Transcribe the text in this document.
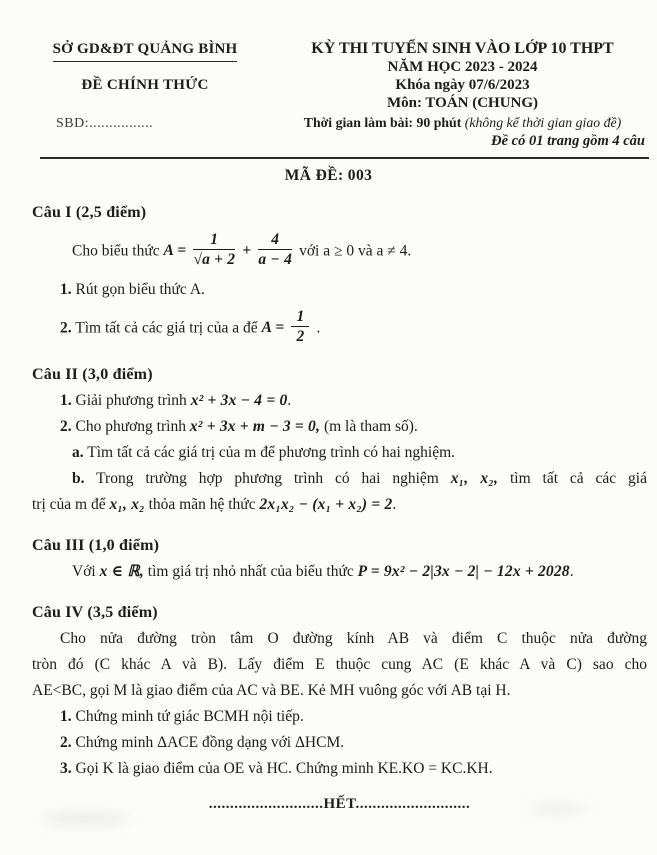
SỞ GD&ĐT QUẢNG BÌNH
ĐỀ CHÍNH THỨC
SBD:................
KỲ THI TUYỂN SINH VÀO LỚP 10 THPT
NĂM HỌC 2023 - 2024
Khóa ngày 07/6/2023
Môn: TOÁN (CHUNG)
Thời gian làm bài: 90 phút (không kể thời gian giao đề)
Đề có 01 trang gồm 4 câu
MÃ ĐỀ: 003
Câu I (2,5 điểm)
Cho biểu thức $A = \frac{1}{√a + 2} + \frac{4}{a - 4}$ với a ≥ 0 và a ≠ 4.
1. Rút gọn biểu thức A.
2. Tìm tất cả các giá trị của a để $A = \frac{1}{2}$ .
Câu II (3,0 điểm)
1. Giải phương trình x² + 3x − 4 = 0.
2. Cho phương trình x² + 3x + m − 3 = 0, (m là tham số).
a. Tìm tất cả các giá trị của m để phương trình có hai nghiệm.
b. Trong trường hợp phương trình có hai nghiệm x₁, x₂, tìm tất cả các giá
trị của m để x₁, x₂ thỏa mãn hệ thức 2x₁x₂ − (x₁ + x₂) = 2.
Câu III (1,0 điểm)
Với x ∈ ℝ, tìm giá trị nhỏ nhất của biểu thức P = 9x² − 2|3x − 2| − 12x + 2028.
Câu IV (3,5 điểm)
Cho nửa đường tròn tâm O đường kính AB và điểm C thuộc nửa đường
tròn đó (C khác A và B). Lấy điểm E thuộc cung AC (E khác A và C) sao cho
AE<BC, gọi M là giao điểm của AC và BE. Kẻ MH vuông góc với AB tại H.
1. Chứng minh tứ giác BCMH nội tiếp.
2. Chứng minh ΔACE đồng dạng với ΔHCM.
3. Gọi K là giao điểm của OE và HC. Chứng minh KE.KO = KC.KH.
...........................HẾT...........................
